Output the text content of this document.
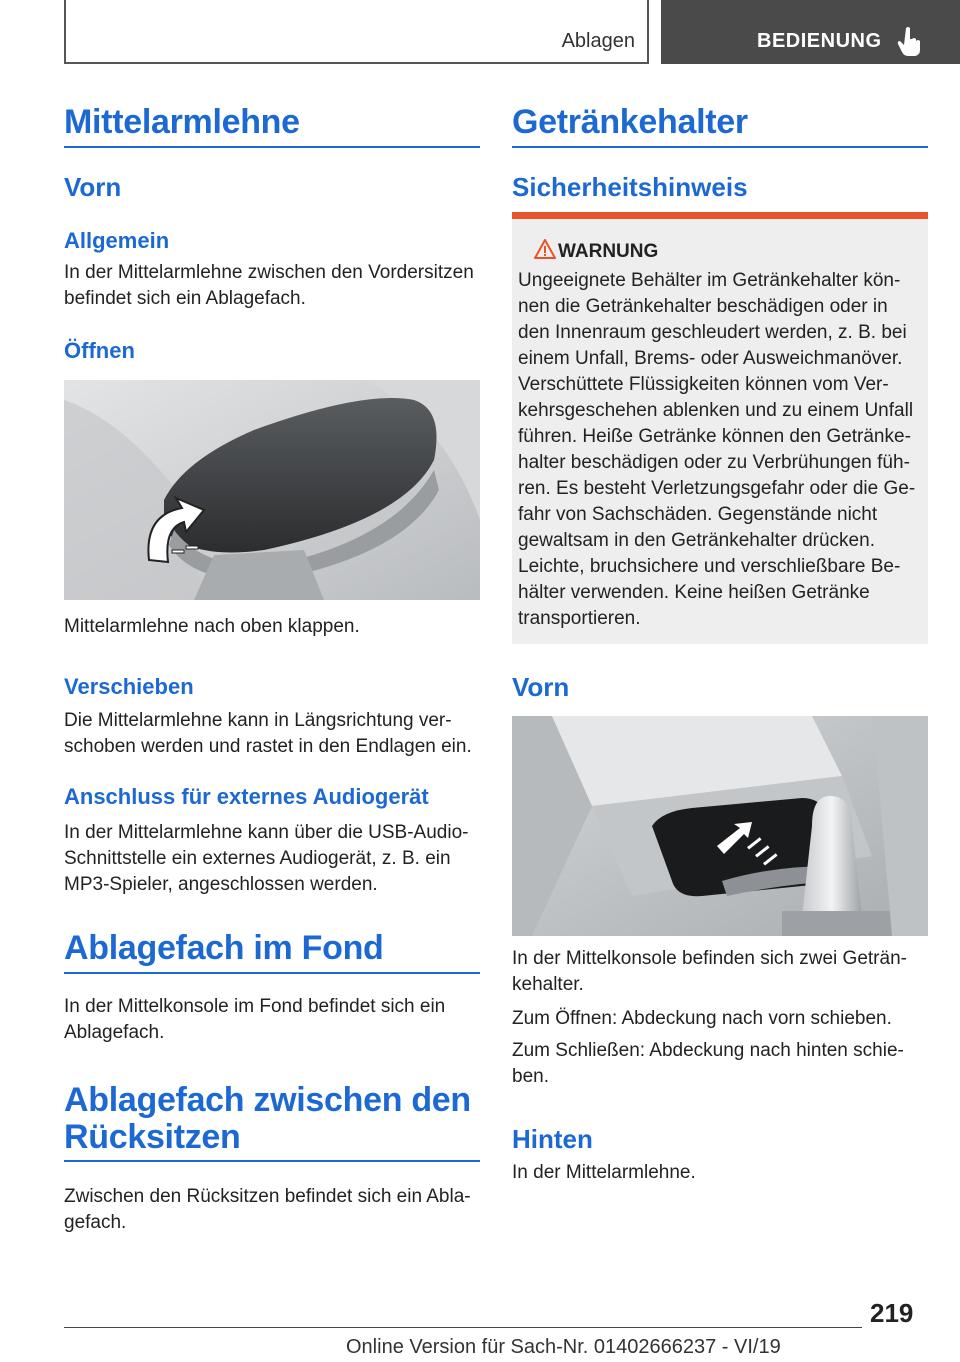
Ablagen	BEDIENUNG
Mittelarmlehne
Vorn
Allgemein

In der Mittelarmlehne zwischen den Vordersitzen befindet sich ein Ablagefach.

Öffnen

Mittelarmlehne nach oben klappen.

Verschieben

Die Mittelarmlehne kann in Längsrichtung verschoben werden und rastet in den Endlagen ein.

Anschluss für externes Audiogerät

In der Mittelarmlehne kann über die USB-Audio-Schnittstelle ein externes Audiogerät, z. B. ein MP3-Spieler, angeschlossen werden.

Ablagefach im Fond

In der Mittelkonsole im Fond befindet sich ein Ablagefach.

Ablagefach zwischen den Rücksitzen

Zwischen den Rücksitzen befindet sich ein Ablagefach.

Getränkehalter
Sicherheitshinweis
WARNUNG

Ungeeignete Behälter im Getränkehalter können die Getränkehalter beschädigen oder in den Innenraum geschleudert werden, z. B. bei einem Unfall, Brems- oder Ausweichmanöver. Verschüttete Flüssigkeiten können vom Verkehrsgeschehen ablenken und zu einem Unfall führen. Heiße Getränke können den Getränkehalter beschädigen oder zu Verbrühungen führen. Es besteht Verletzungsgefahr oder die Gefahr von Sachschäden. Gegenstände nicht gewaltsam in den Getränkehalter drücken. Leichte, bruchsichere und verschließbare Behälter verwenden. Keine heißen Getränke transportieren.

Vorn

In der Mittelkonsole befinden sich zwei Getränkehalter.

Zum Öffnen: Abdeckung nach vorn schieben.

Zum Schließen: Abdeckung nach hinten schieben.

Hinten

In der Mittelarmlehne.

219
Online Version für Sach-Nr. 01402666237 - VI/19
